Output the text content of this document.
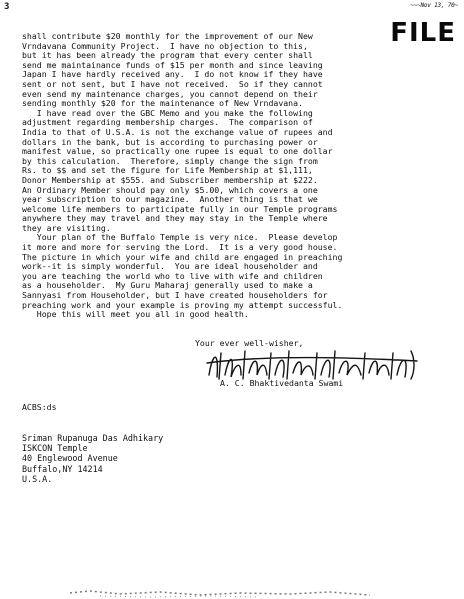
3	~~~Nov 13, 70~
FILE
shall contribute $20 monthly for the improvement of our New
Vrndavana Community Project.  I have no objection to this,
but it has been already the program that every center shall
send me maintainance funds of $15 per month and since leaving
Japan I have hardly received any.  I do not know if they have
sent or not sent, but I have not received.  So if they cannot
even send my maintenance charges, you cannot depend on their
sending monthly $20 for the maintenance of New Vrndavana.
I have read over the GBC Memo and you make the following
adjustment regarding membership charges.  The comparison of
India to that of U.S.A. is not the exchange value of rupees and
dollars in the bank, but is according to purchasing power or
manifest value, so practically one rupee is equal to one dollar
by this calculation.  Therefore, simply change the sign from
Rs. to $$ and set the figure for Life Membership at $1,111,
Donor Membership at $555. and Subscriber membership at $222.
An Ordinary Member should pay only $5.00, which covers a one
year subscription to our magazine.  Another thing is that we
welcome life members to participate fully in our Temple programs
anywhere they may travel and they may stay in the Temple where
they are visiting.
Your plan of the Buffalo Temple is very nice.  Please develop
it more and more for serving the Lord.  It is a very good house.
The picture in which your wife and child are engaged in preaching
work--it is simply wonderful.  You are ideal householder and
you are teaching the world who to live with wife and children
as a householder.  My Guru Maharaj generally used to make a
Sannyasi from Householder, but I have created householders for
preaching work and your example is proving my attempt successful.
Hope this will meet you all in good health.
Your ever well-wisher,
A. C. Bhaktivedanta Swami
ACBS:ds
Sriman Rupanuga Das Adhikary
ISKCON Temple
40 Englewood Avenue
Buffalo,NY 14214
U.S.A.
